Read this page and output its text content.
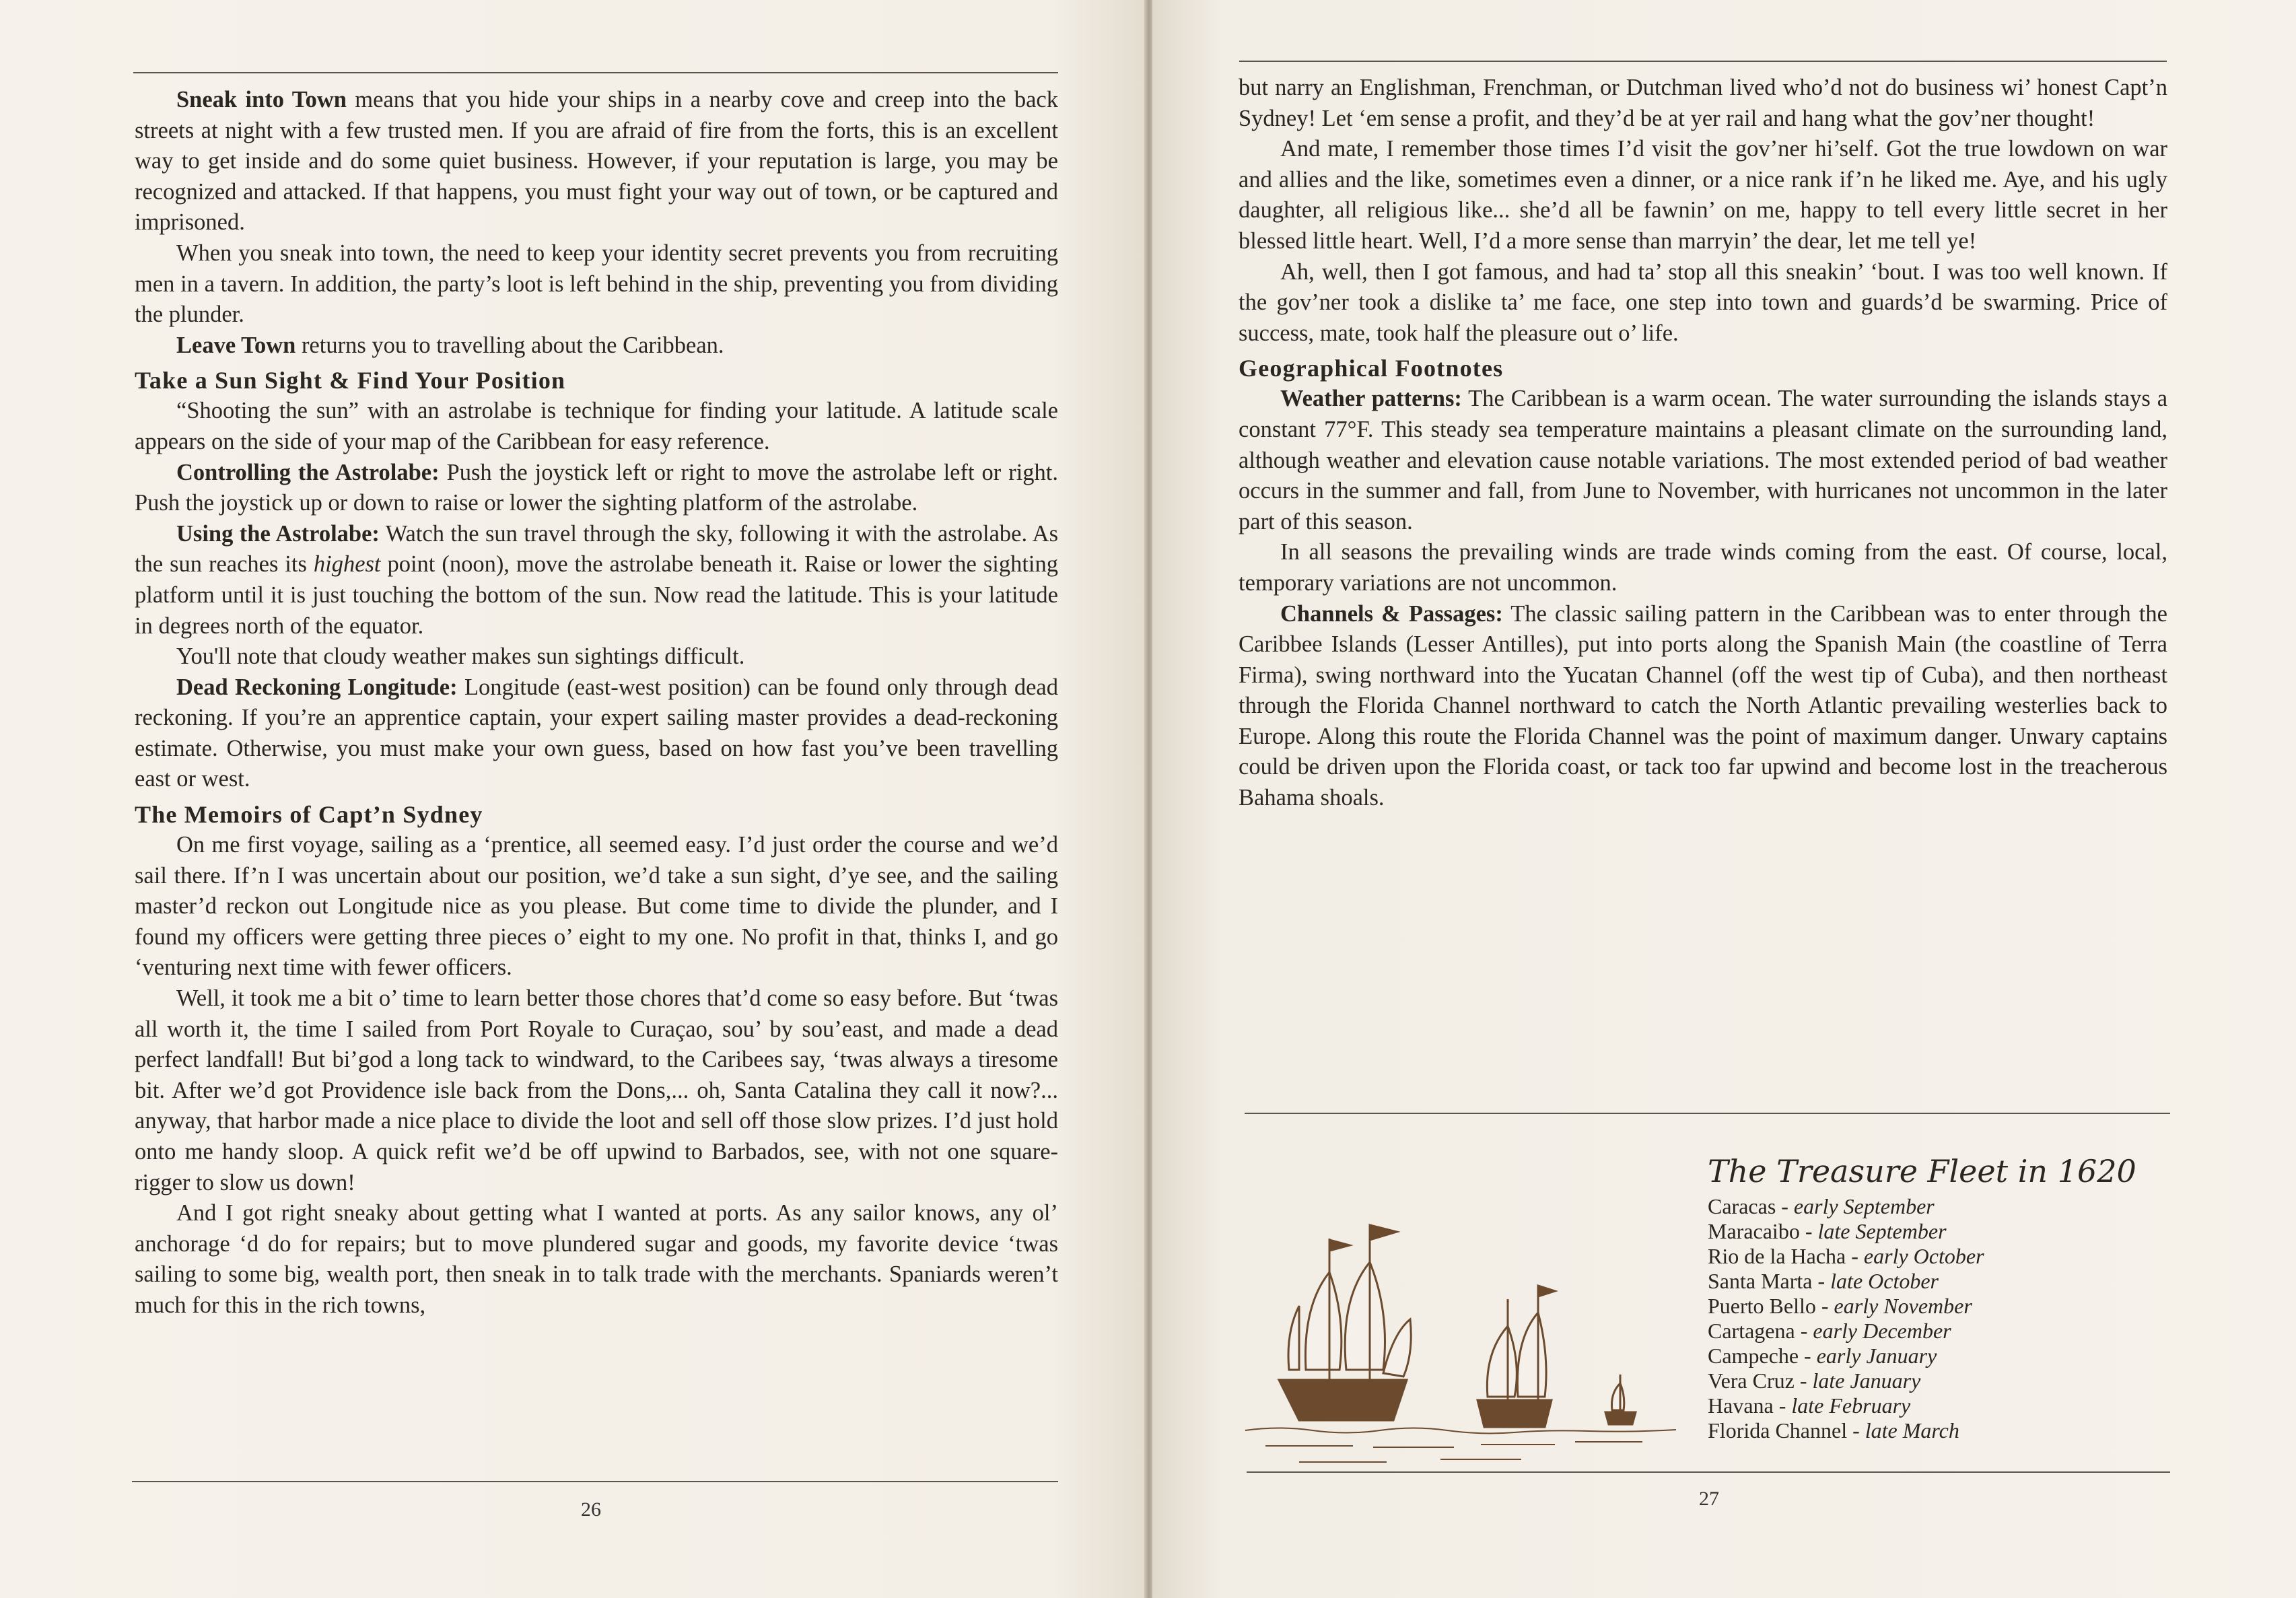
Sneak into Town means that you hide your ships in a nearby cove and creep into the back streets at night with a few trusted men. If you are afraid of fire from the forts, this is an excellent way to get inside and do some quiet business. However, if your reputation is large, you may be recognized and attacked. If that happens, you must fight your way out of town, or be captured and imprisoned.

When you sneak into town, the need to keep your identity secret prevents you from recruiting men in a tavern. In addition, the party’s loot is left behind in the ship, preventing you from dividing the plunder.

Leave Town returns you to travelling about the Caribbean.

Take a Sun Sight & Find Your Position

“Shooting the sun” with an astrolabe is technique for finding your latitude. A latitude scale appears on the side of your map of the Caribbean for easy reference.

Controlling the Astrolabe: Push the joystick left or right to move the astrolabe left or right. Push the joystick up or down to raise or lower the sighting platform of the astrolabe.

Using the Astrolabe: Watch the sun travel through the sky, following it with the astrolabe. As the sun reaches its highest point (noon), move the astrolabe beneath it. Raise or lower the sighting platform until it is just touching the bottom of the sun. Now read the latitude. This is your latitude in degrees north of the equator.

You'll note that cloudy weather makes sun sightings difficult.

Dead Reckoning Longitude: Longitude (east-west position) can be found only through dead reckoning. If you’re an apprentice captain, your expert sailing master provides a dead-reckoning estimate. Otherwise, you must make your own guess, based on how fast you’ve been travelling east or west.

The Memoirs of Capt’n Sydney

On me first voyage, sailing as a ‘prentice, all seemed easy. I’d just order the course and we’d sail there. If’n I was uncertain about our position, we’d take a sun sight, d’ye see, and the sailing master’d reckon out Longitude nice as you please. But come time to divide the plunder, and I found my officers were getting three pieces o’ eight to my one. No profit in that, thinks I, and go ‘venturing next time with fewer officers.

Well, it took me a bit o’ time to learn better those chores that’d come so easy before. But ‘twas all worth it, the time I sailed from Port Royale to Curaçao, sou’ by sou’east, and made a dead perfect landfall! But bi’god a long tack to windward, to the Caribees say, ‘twas always a tiresome bit. After we’d got Providence isle back from the Dons,... oh, Santa Catalina they call it now?... anyway, that harbor made a nice place to divide the loot and sell off those slow prizes. I’d just hold onto me handy sloop. A quick refit we’d be off upwind to Barbados, see, with not one square-rigger to slow us down!

And I got right sneaky about getting what I wanted at ports. As any sailor knows, any ol’ anchorage ‘d do for repairs; but to move plundered sugar and goods, my favorite device ‘twas sailing to some big, wealth port, then sneak in to talk trade with the merchants. Spaniards weren’t much for this in the rich towns,

26

but narry an Englishman, Frenchman, or Dutchman lived who’d not do business wi’ honest Capt’n Sydney! Let ‘em sense a profit, and they’d be at yer rail and hang what the gov’ner thought!

And mate, I remember those times I’d visit the gov’ner hi’self. Got the true lowdown on war and allies and the like, sometimes even a dinner, or a nice rank if’n he liked me. Aye, and his ugly daughter, all religious like... she’d all be fawnin’ on me, happy to tell every little secret in her blessed little heart. Well, I’d a more sense than marryin’ the dear, let me tell ye!

Ah, well, then I got famous, and had ta’ stop all this sneakin’ ‘bout. I was too well known. If the gov’ner took a dislike ta’ me face, one step into town and guards’d be swarming. Price of success, mate, took half the pleasure out o’ life.

Geographical Footnotes

Weather patterns: The Caribbean is a warm ocean. The water surrounding the islands stays a constant 77°F. This steady sea temperature maintains a pleasant climate on the surrounding land, although weather and elevation cause notable variations. The most extended period of bad weather occurs in the summer and fall, from June to November, with hurricanes not uncommon in the later part of this season.

In all seasons the prevailing winds are trade winds coming from the east. Of course, local, temporary variations are not uncommon.

Channels & Passages: The classic sailing pattern in the Caribbean was to enter through the Caribbee Islands (Lesser Antilles), put into ports along the Spanish Main (the coastline of Terra Firma), swing northward into the Yucatan Channel (off the west tip of Cuba), and then northeast through the Florida Channel northward to catch the North Atlantic prevailing westerlies back to Europe. Along this route the Florida Channel was the point of maximum danger. Unwary captains could be driven upon the Florida coast, or tack too far upwind and become lost in the treacherous Bahama shoals.

27
The Treasure Fleet in 1620
Caracas - early September
Maracaibo - late September
Rio de la Hacha - early October
Santa Marta - late October
Puerto Bello - early November
Cartagena - early December
Campeche - early January
Vera Cruz - late January
Havana - late February
Florida Channel - late March
